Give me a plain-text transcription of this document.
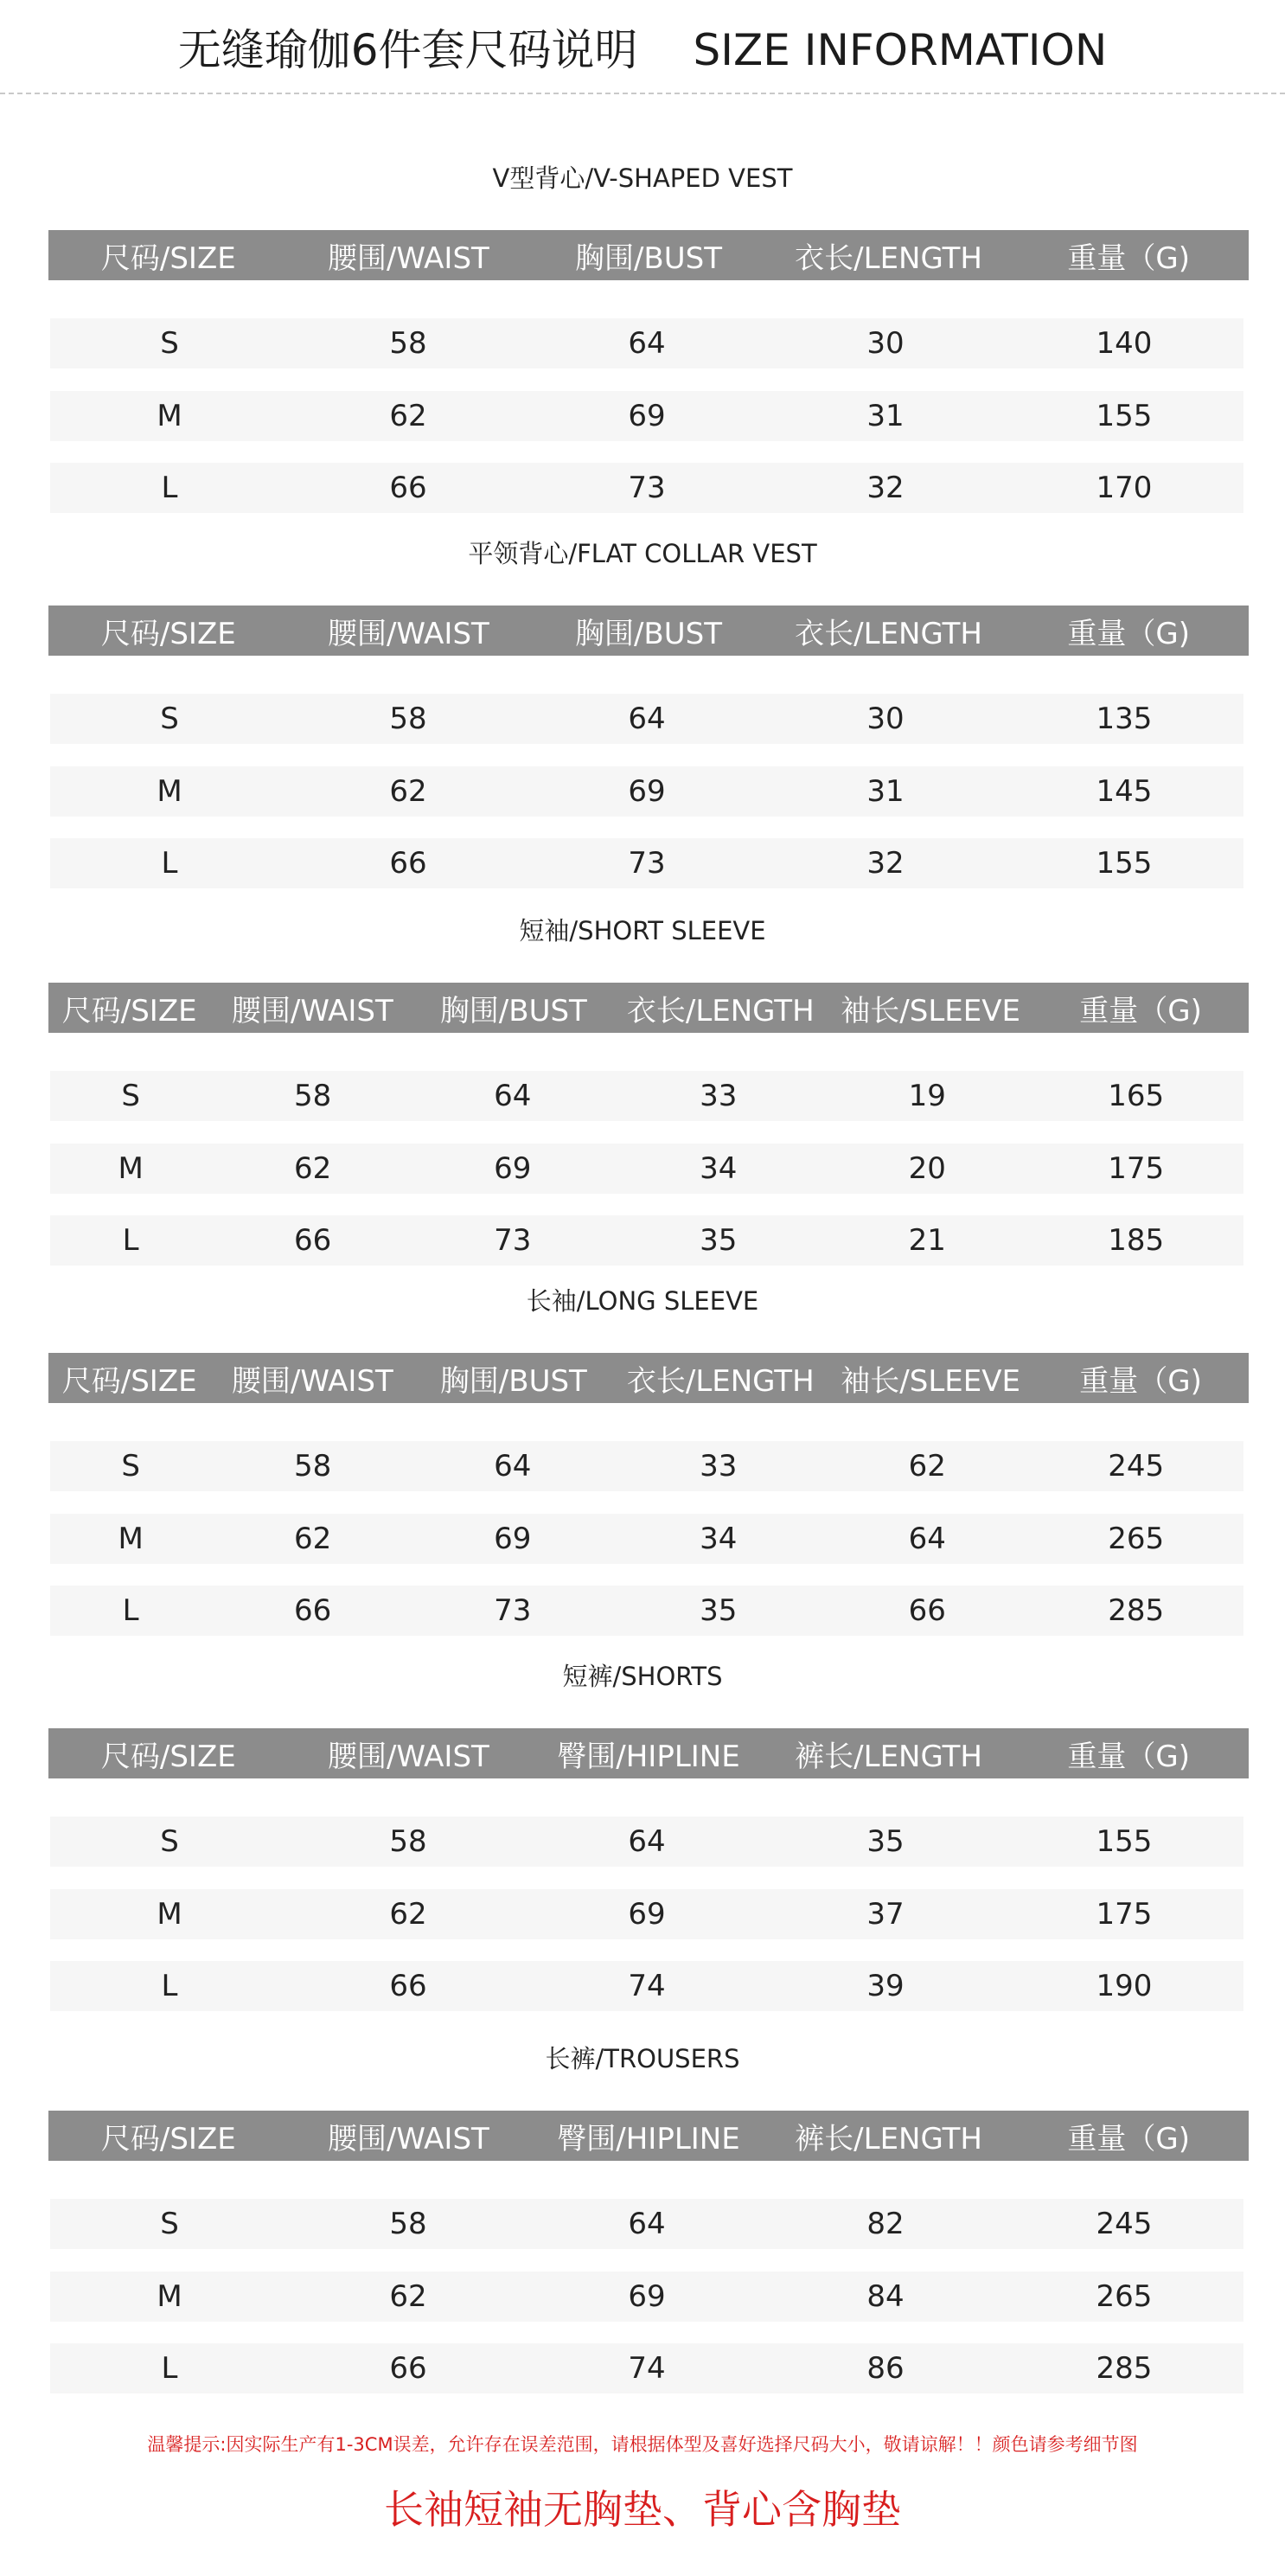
无缝瑜伽6件套尺码说明 SIZE INFORMATION
V型背心/V-SHAPED VEST
尺码/SIZE	腰围/WAIST	胸围/BUST	衣长/LENGTH	重量（G)
S	58	64	30	140
M	62	69	31	155
L	66	73	32	170
平领背心/FLAT COLLAR VEST
尺码/SIZE	腰围/WAIST	胸围/BUST	衣长/LENGTH	重量（G)
S	58	64	30	135
M	62	69	31	145
L	66	73	32	155
短袖/SHORT SLEEVE
尺码/SIZE	腰围/WAIST	胸围/BUST	衣长/LENGTH 袖长/SLEEVE	重量（G)
S	58	64	33	19	165
M	62	69	34	20	175
L	66	73	35	21	185
长袖/LONG SLEEVE
尺码/SIZE	腰围/WAIST	胸围/BUST	衣长/LENGTH 袖长/SLEEVE	重量（G)
S	58	64	33	62	245
M	62	69	34	64	265
L	66	73	35	66	285
短裤/SHORTS
尺码/SIZE	腰围/WAIST	臀围/HIPLINE	裤长/LENGTH	重量（G)
S	58	64	35	155
M	62	69	37	175
L	66	74	39	190
长裤/TROUSERS
尺码/SIZE	腰围/WAIST	臀围/HIPLINE	裤长/LENGTH	重量（G)
S	58	64	82	245
M	62	69	84	265
L	66	74	86	285
温馨提示:因实际生产有1-3CM误差，允许存在误差范围，请根据体型及喜好选择尺码大小，敬请谅解！！颜色请参考细节图
长袖短袖无胸垫、背心含胸垫
